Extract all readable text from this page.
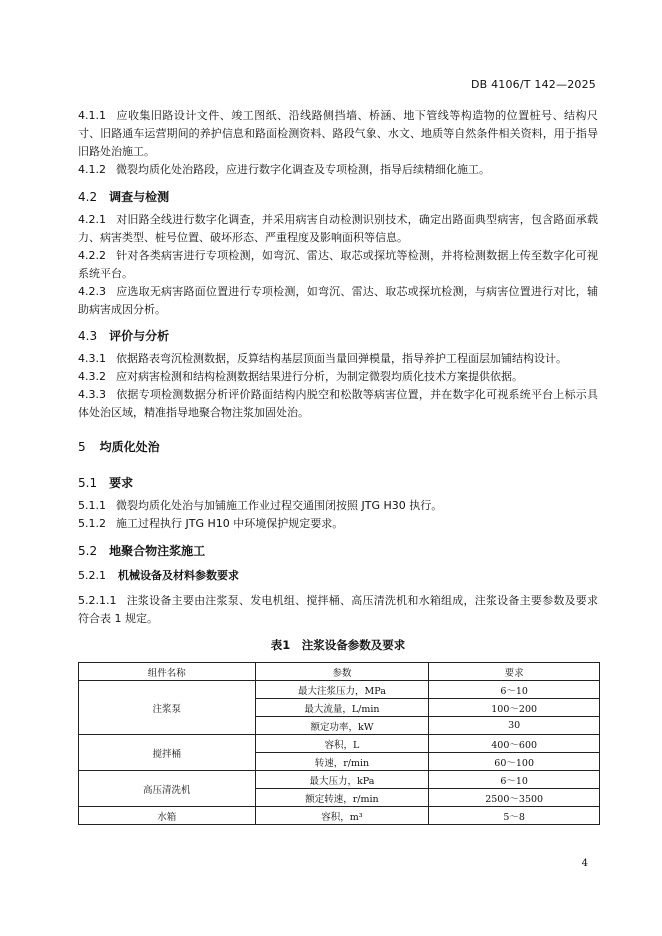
DB 4106/T 142—2025
4.1.1 应收集旧路设计文件、竣工图纸、沿线路侧挡墙、桥涵、地下管线等构造物的位置桩号、结构尺寸、旧路通车运营期间的养护信息和路面检测资料、路段气象、水文、地质等自然条件相关资料，用于指导旧路处治施工。
4.1.2 微裂均质化处治路段，应进行数字化调查及专项检测，指导后续精细化施工。
4.2 调查与检测
4.2.1 对旧路全线进行数字化调查，并采用病害自动检测识别技术，确定出路面典型病害，包含路面承载力、病害类型、桩号位置、破坏形态、严重程度及影响面积等信息。
4.2.2 针对各类病害进行专项检测，如弯沉、雷达、取芯或探坑等检测，并将检测数据上传至数字化可视系统平台。
4.2.3 应选取无病害路面位置进行专项检测，如弯沉、雷达、取芯或探坑检测，与病害位置进行对比，辅助病害成因分析。
4.3 评价与分析
4.3.1 依据路表弯沉检测数据，反算结构基层顶面当量回弹模量，指导养护工程面层加铺结构设计。
4.3.2 应对病害检测和结构检测数据结果进行分析，为制定微裂均质化技术方案提供依据。
4.3.3 依据专项检测数据分析评价路面结构内脱空和松散等病害位置，并在数字化可视系统平台上标示具体处治区域，精准指导地聚合物注浆加固处治。
5 均质化处治
5.1 要求
5.1.1 微裂均质化处治与加铺施工作业过程交通围闭按照 JTG H30 执行。
5.1.2 施工过程执行 JTG H10 中环境保护规定要求。
5.2 地聚合物注浆施工
5.2.1 机械设备及材料参数要求
5.2.1.1 注浆设备主要由注浆泵、发电机组、搅拌桶、高压清洗机和水箱组成，注浆设备主要参数及要求符合表 1 规定。
表1　注浆设备参数及要求
组件名称	参数	要求
注浆泵	最大注浆压力，MPa	6～10
	最大流量，L/min	100～200
	额定功率，kW	30
搅拌桶	容积，L	400～600
	转速，r/min	60～100
高压清洗机	最大压力，kPa	6～10
	额定转速，r/min	2500～3500
水箱	容积，m³	5～8
4
